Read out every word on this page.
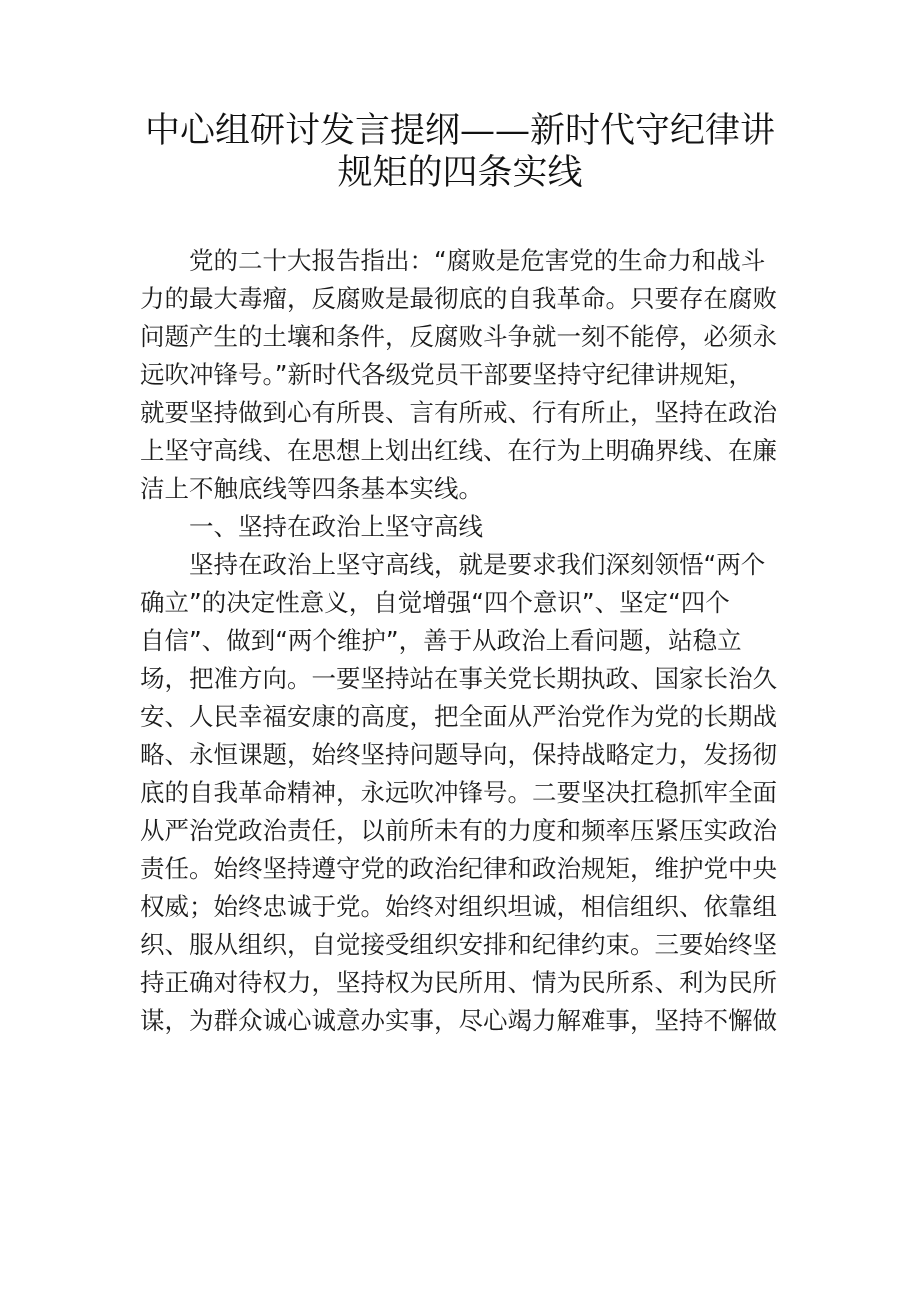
中心组研讨发言提纲——新时代守纪律讲
规矩的四条实线
　　党的二十大报告指出：“腐败是危害党的生命力和战斗
力的最大毒瘤，反腐败是最彻底的自我革命。只要存在腐败
问题产生的土壤和条件，反腐败斗争就一刻不能停，必须永
远吹冲锋号。”新时代各级党员干部要坚持守纪律讲规矩，
就要坚持做到心有所畏、言有所戒、行有所止，坚持在政治
上坚守高线、在思想上划出红线、在行为上明确界线、在廉
洁上不触底线等四条基本实线。
　　一、坚持在政治上坚守高线
　　坚持在政治上坚守高线，就是要求我们深刻领悟“两个
确立”的决定性意义，自觉增强“四个意识”、坚定“四个
自信”、做到“两个维护”，善于从政治上看问题，站稳立
场，把准方向。一要坚持站在事关党长期执政、国家长治久
安、人民幸福安康的高度，把全面从严治党作为党的长期战
略、永恒课题，始终坚持问题导向，保持战略定力，发扬彻
底的自我革命精神，永远吹冲锋号。二要坚决扛稳抓牢全面
从严治党政治责任，以前所未有的力度和频率压紧压实政治
责任。始终坚持遵守党的政治纪律和政治规矩，维护党中央
权威；始终忠诚于党。始终对组织坦诚，相信组织、依靠组
织、服从组织，自觉接受组织安排和纪律约束。三要始终坚
持正确对待权力，坚持权为民所用、情为民所系、利为民所
谋，为群众诚心诚意办实事，尽心竭力解难事，坚持不懈做
